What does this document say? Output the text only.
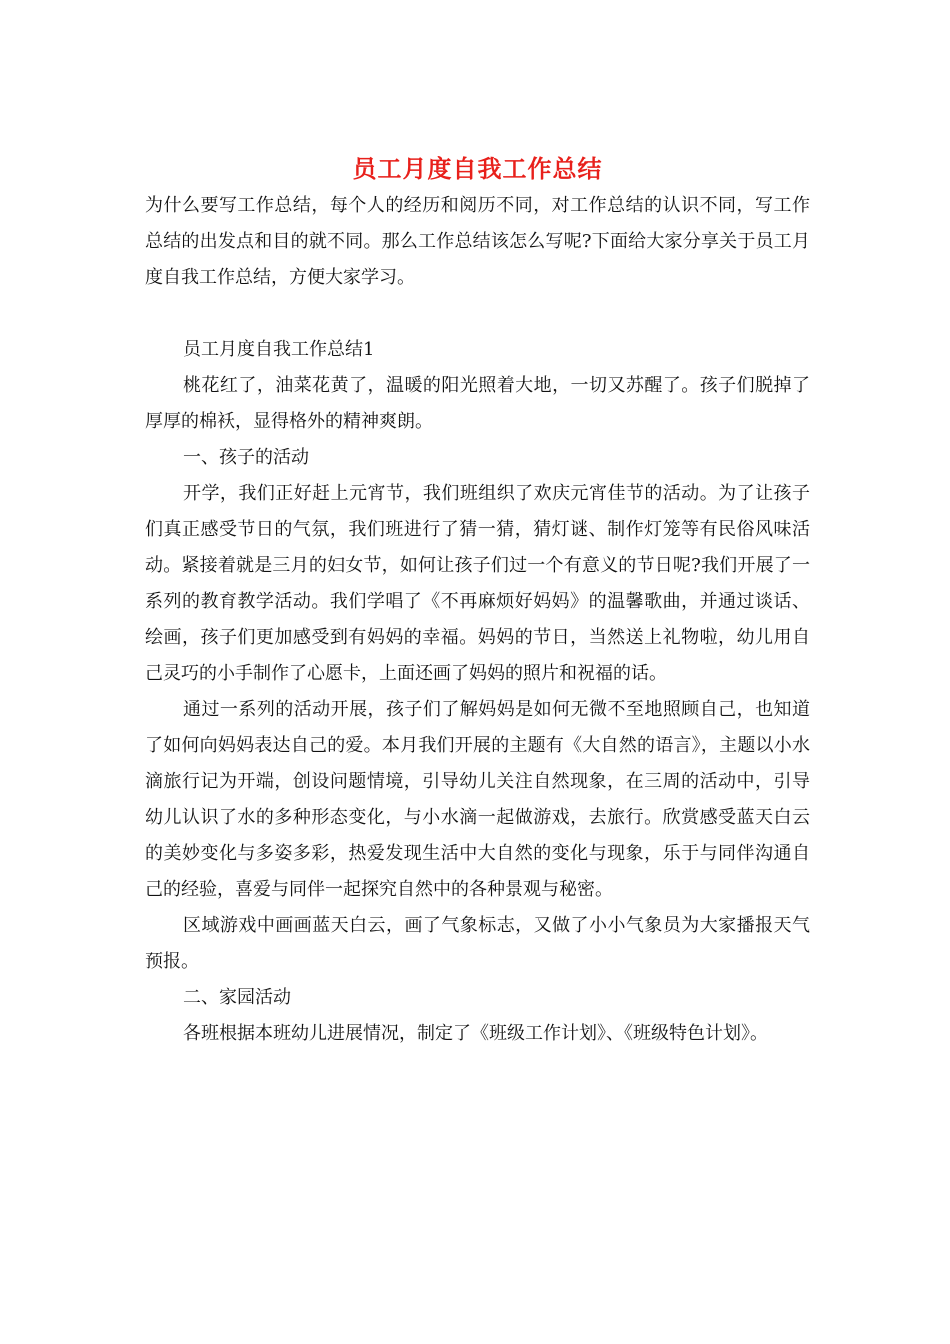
员工月度自我工作总结

为什么要写工作总结，每个人的经历和阅历不同，对工作总结的认识不同，写工作总结的出发点和目的就不同。那么工作总结该怎么写呢?下面给大家分享关于员工月度自我工作总结，方便大家学习。

员工月度自我工作总结1

桃花红了，油菜花黄了，温暖的阳光照着大地，一切又苏醒了。孩子们脱掉了厚厚的棉袄，显得格外的精神爽朗。

一、孩子的活动

开学，我们正好赶上元宵节，我们班组织了欢庆元宵佳节的活动。为了让孩子们真正感受节日的气氛，我们班进行了猜一猜，猜灯谜、制作灯笼等有民俗风味活动。紧接着就是三月的妇女节，如何让孩子们过一个有意义的节日呢?我们开展了一系列的教育教学活动。我们学唱了《不再麻烦好妈妈》的温馨歌曲，并通过谈话、绘画，孩子们更加感受到有妈妈的幸福。妈妈的节日，当然送上礼物啦，幼儿用自己灵巧的小手制作了心愿卡，上面还画了妈妈的照片和祝福的话。

通过一系列的活动开展，孩子们了解妈妈是如何无微不至地照顾自己，也知道了如何向妈妈表达自己的爱。本月我们开展的主题有《大自然的语言》，主题以小水滴旅行记为开端，创设问题情境，引导幼儿关注自然现象，在三周的活动中，引导幼儿认识了水的多种形态变化，与小水滴一起做游戏，去旅行。欣赏感受蓝天白云的美妙变化与多姿多彩，热爱发现生活中大自然的变化与现象，乐于与同伴沟通自己的经验，喜爱与同伴一起探究自然中的各种景观与秘密。

区域游戏中画画蓝天白云，画了气象标志，又做了小小气象员为大家播报天气预报。

二、家园活动

各班根据本班幼儿进展情况，制定了《班级工作计划》、《班级特色计划》。
